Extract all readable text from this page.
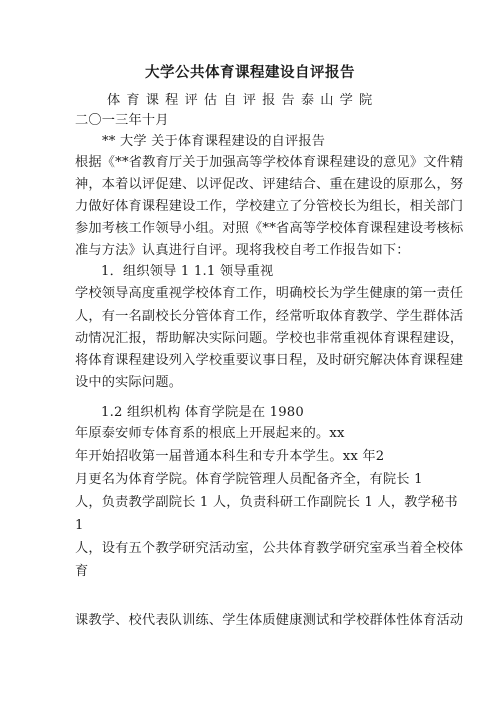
大学公共体育课程建设自评报告
体育课程评估自评报告泰山学院
二〇一三年十月
** 大学 关于体育课程建设的自评报告
根据《**省教育厅关于加强高等学校体育课程建设的意见》文件精
神，本着以评促建、以评促改、评建结合、重在建设的原那么，努
力做好体育课程建设工作，学校建立了分管校长为组长，相关部门
参加考核工作领导小组。对照《**省高等学校体育课程建设考核标
准与方法》认真进行自评。现将我校自考工作报告如下：
1．组织领导 1 1.1 领导重视
学校领导高度重视学校体育工作，明确校长为学生健康的第一责任
人，有一名副校长分管体育工作，经常听取体育教学、学生群体活
动情况汇报，帮助解决实际问题。学校也非常重视体育课程建设，
将体育课程建设列入学校重要议事日程，及时研究解决体育课程建
设中的实际问题。
1.2 组织机构 体育学院是在 1980
年原泰安师专体育系的根底上开展起来的。xx
年开始招收第一届普通本科生和专升本学生。xx 年2
月更名为体育学院。体育学院管理人员配备齐全，有院长 1
人，负责教学副院长 1 人，负责科研工作副院长 1 人，教学秘书
1
人，设有五个教学研究活动室，公共体育教学研究室承当着全校体
育
课教学、校代表队训练、学生体质健康测试和学校群体性体育活动
